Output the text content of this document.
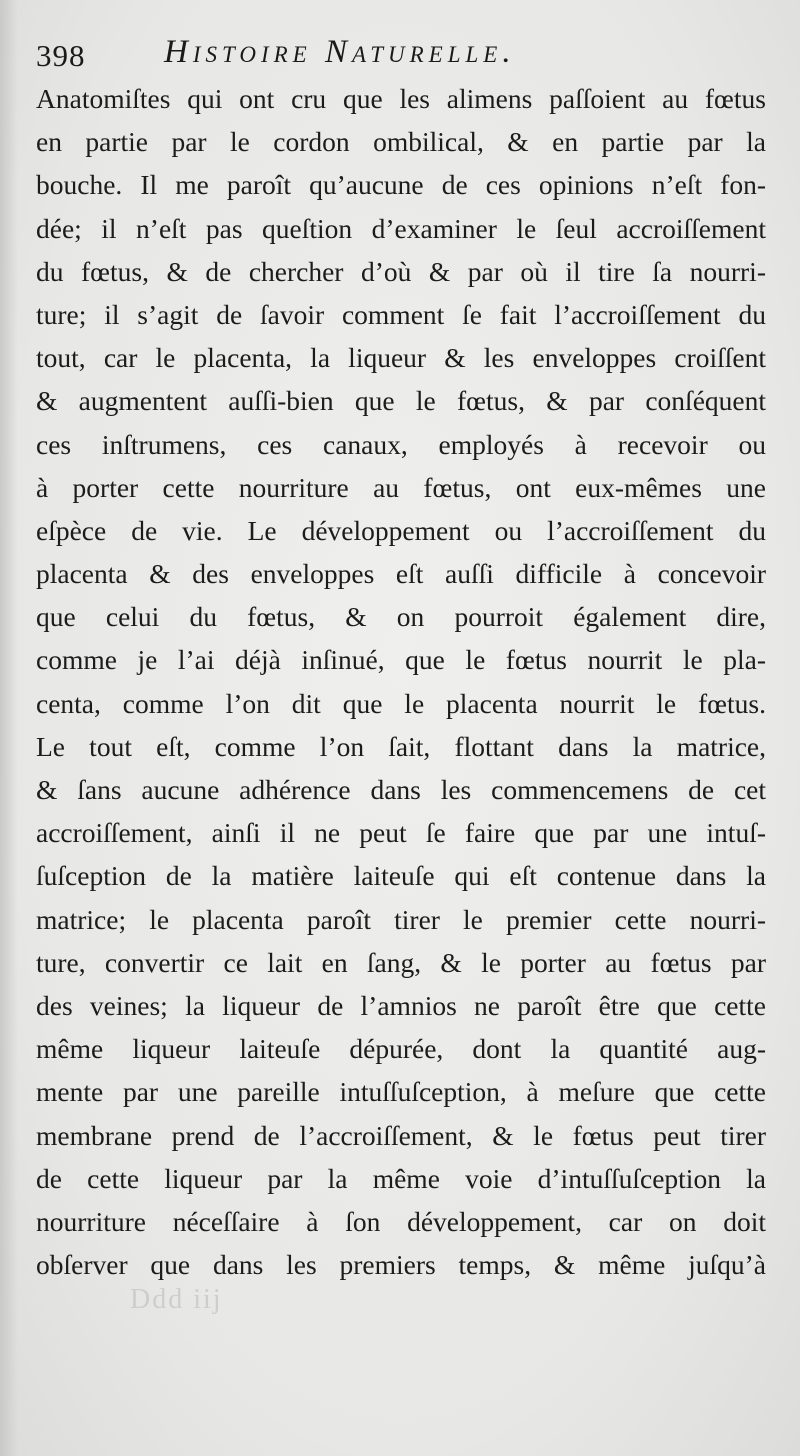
398 Histoire Naturelle.
Anatomiſtes qui ont cru que les alimens paſſoient au fœtus
en partie par le cordon ombilical, & en partie par la
bouche. Il me paroît qu’aucune de ces opinions n’eſt fon-
dée; il n’eſt pas queſtion d’examiner le ſeul accroiſſement
du fœtus, & de chercher d’où & par où il tire ſa nourri-
ture; il s’agit de ſavoir comment ſe fait l’accroiſſement du
tout, car le placenta, la liqueur & les enveloppes croiſſent
& augmentent auſſi-bien que le fœtus, & par conſéquent
ces inſtrumens, ces canaux, employés à recevoir ou
à porter cette nourriture au fœtus, ont eux-mêmes une
eſpèce de vie. Le développement ou l’accroiſſement du
placenta & des enveloppes eſt auſſi difficile à concevoir
que celui du fœtus, & on pourroit également dire,
comme je l’ai déjà inſinué, que le fœtus nourrit le pla-
centa, comme l’on dit que le placenta nourrit le fœtus.
Le tout eſt, comme l’on ſait, flottant dans la matrice,
& ſans aucune adhérence dans les commencemens de cet
accroiſſement, ainſi il ne peut ſe faire que par une intuſ-
ſuſception de la matière laiteuſe qui eſt contenue dans la
matrice; le placenta paroît tirer le premier cette nourri-
ture, convertir ce lait en ſang, & le porter au fœtus par
des veines; la liqueur de l’amnios ne paroît être que cette
même liqueur laiteuſe dépurée, dont la quantité aug-
mente par une pareille intuſſuſception, à meſure que cette
membrane prend de l’accroiſſement, & le fœtus peut tirer
de cette liqueur par la même voie d’intuſſuſception la
nourriture néceſſaire à ſon développement, car on doit
obſerver que dans les premiers temps, & même juſqu’à
Ddd iij
